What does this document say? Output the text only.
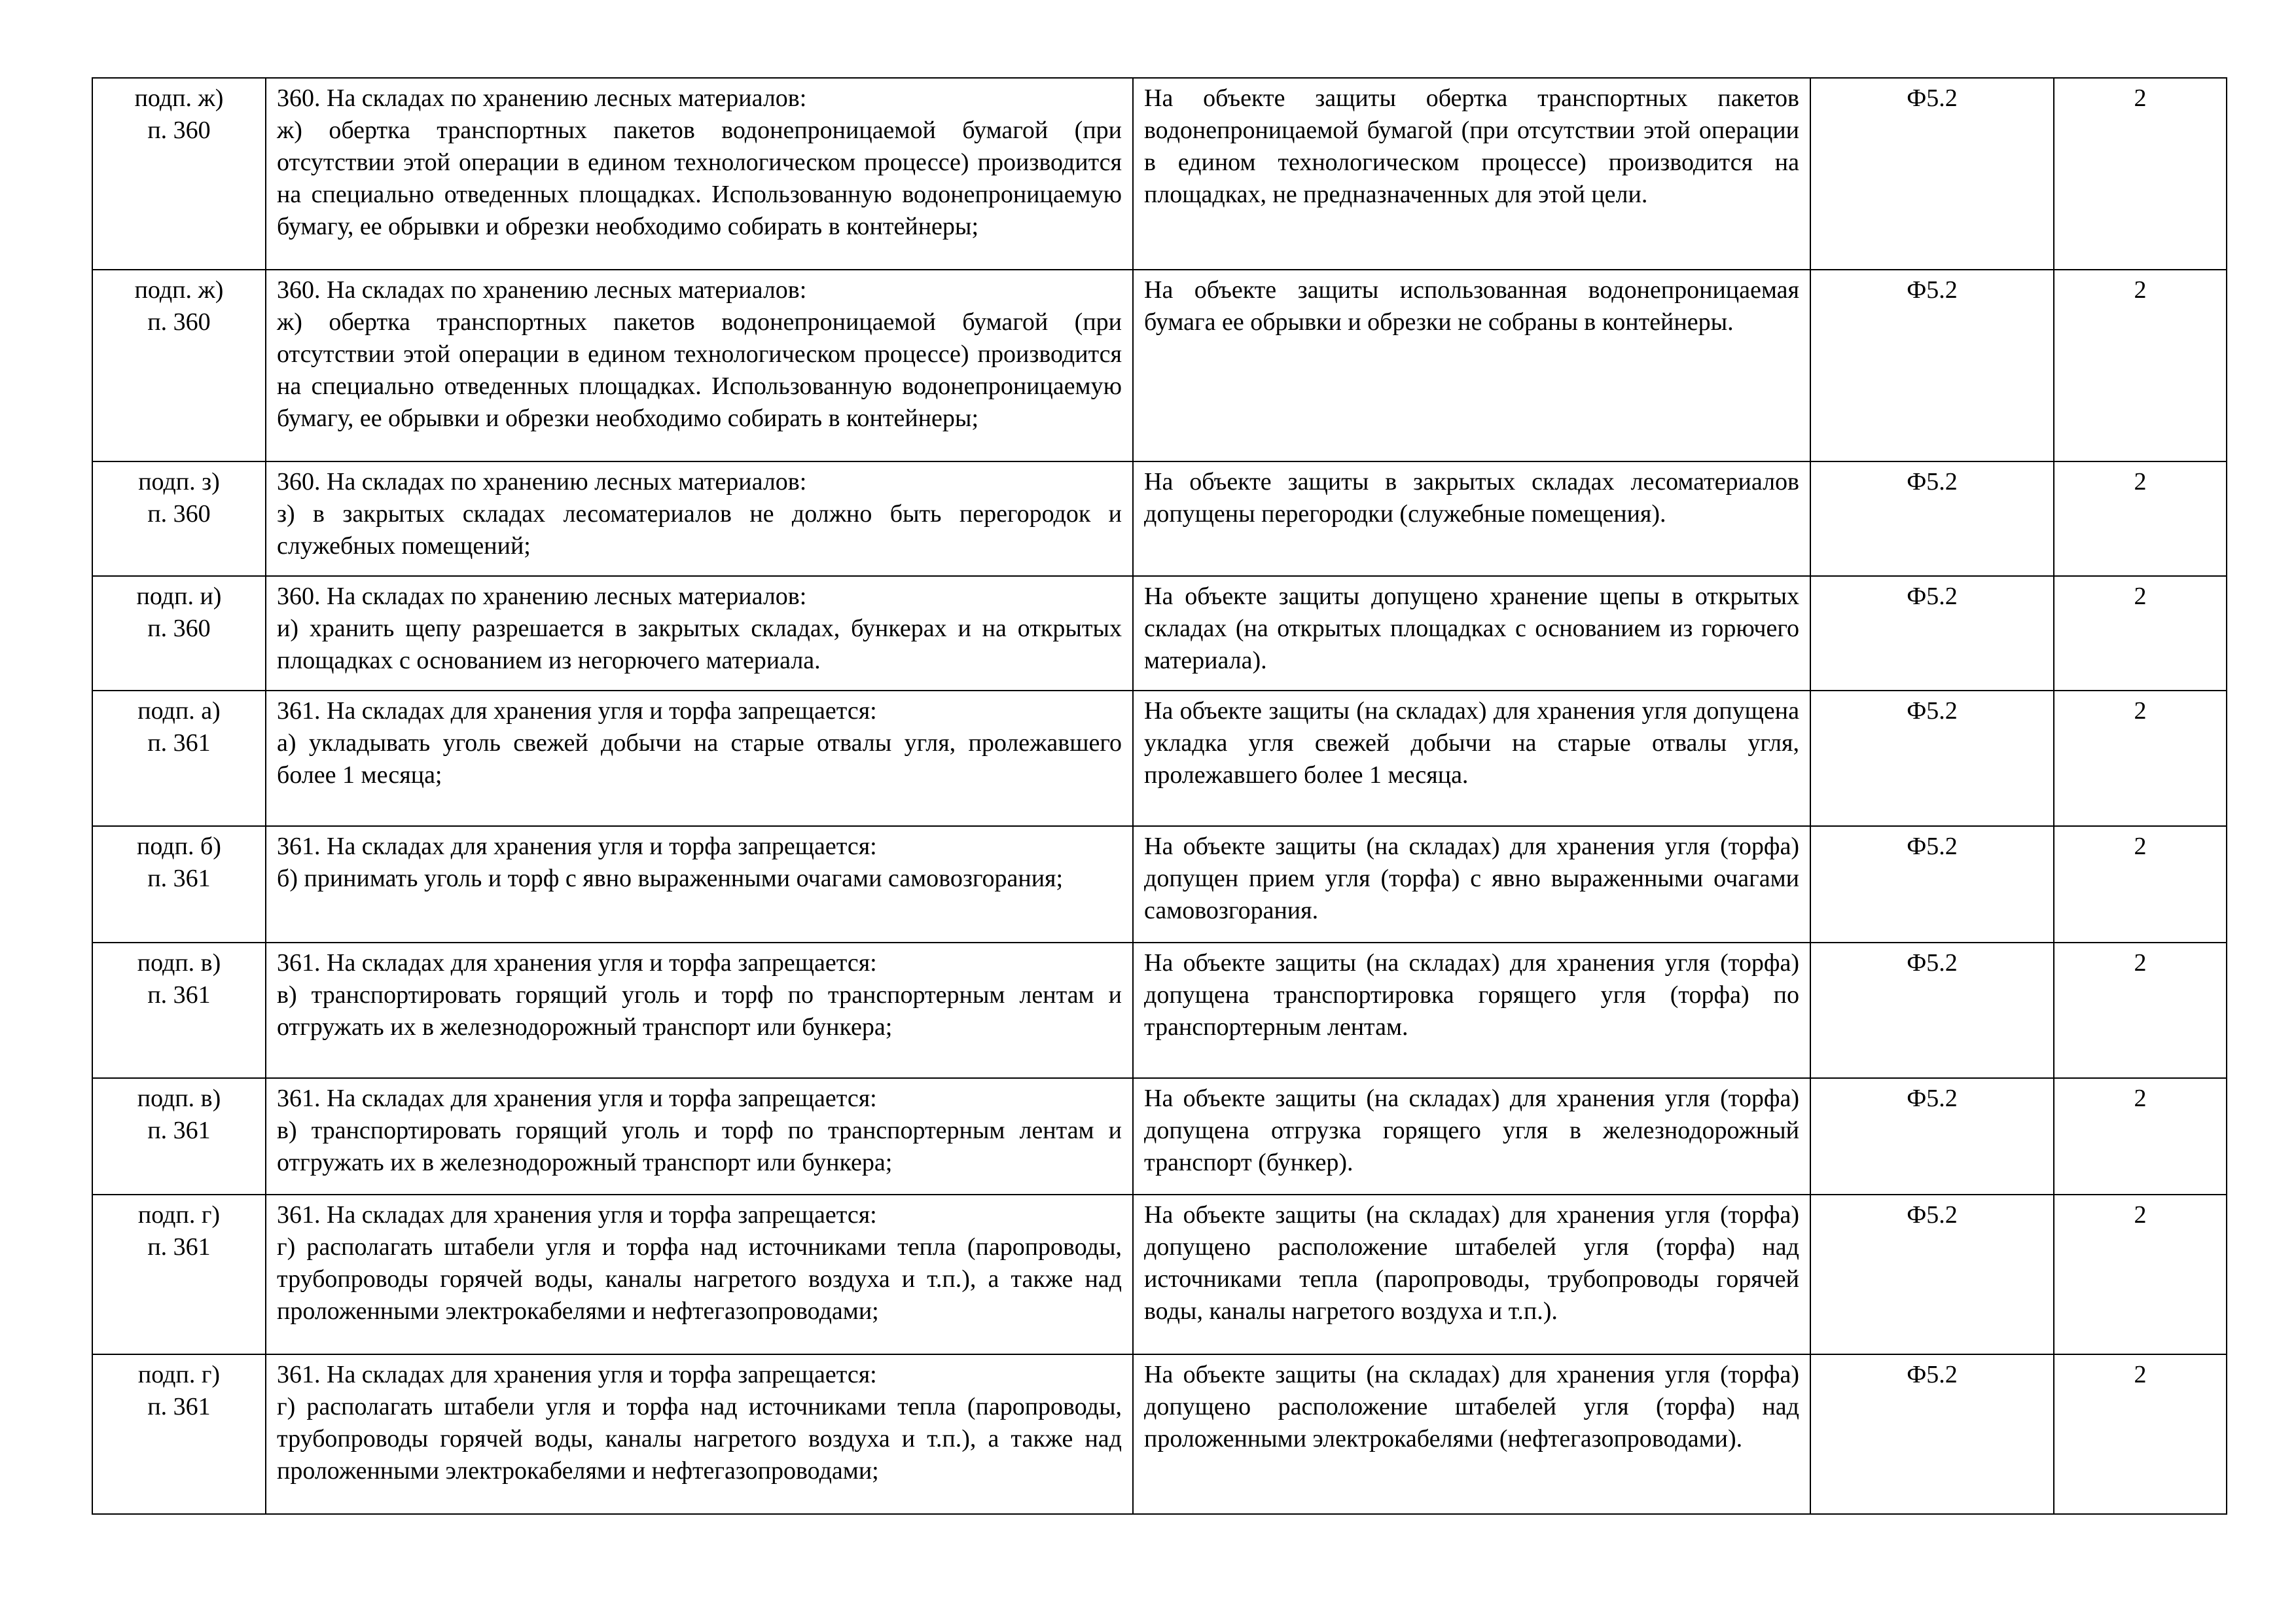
подп. ж)
п. 360	360. На складах по хранению лесных материалов:
ж) обертка транспортных пакетов водонепроницаемой бумагой (при отсутствии этой операции в едином технологическом процессе) производится на специально отведенных площадках. Использованную водонепроницаемую бумагу, ее обрывки и обрезки необходимо собирать в контейнеры;	На объекте защиты обертка транспортных пакетов водонепроницаемой бумагой (при отсутствии этой операции в едином технологическом процессе) производится на площадках, не предназначенных для этой цели.	Ф5.2	2

подп. ж)
п. 360	360. На складах по хранению лесных материалов:
ж) обертка транспортных пакетов водонепроницаемой бумагой (при отсутствии этой операции в едином технологическом процессе) производится на специально отведенных площадках. Использованную водонепроницаемую бумагу, ее обрывки и обрезки необходимо собирать в контейнеры;	На объекте защиты использованная водонепроницаемая бумага ее обрывки и обрезки не собраны в контейнеры.	Ф5.2	2

подп. з)
п. 360	360. На складах по хранению лесных материалов:
з) в закрытых складах лесоматериалов не должно быть перегородок и служебных помещений;	На объекте защиты в закрытых складах лесоматериалов допущены перегородки (служебные помещения).	Ф5.2	2

подп. и)
п. 360	360. На складах по хранению лесных материалов:
и) хранить щепу разрешается в закрытых складах, бункерах и на открытых площадках с основанием из негорючего материала.	На объекте защиты допущено хранение щепы в открытых складах (на открытых площадках с основанием из горючего материала).	Ф5.2	2

подп. а)
п. 361	361. На складах для хранения угля и торфа запрещается:
а) укладывать уголь свежей добычи на старые отвалы угля, пролежавшего более 1 месяца;	На объекте защиты (на складах) для хранения угля допущена укладка угля свежей добычи на старые отвалы угля, пролежавшего более 1 месяца.	Ф5.2	2

подп. б)
п. 361	361. На складах для хранения угля и торфа запрещается:
б) принимать уголь и торф с явно выраженными очагами самовозгорания;	На объекте защиты (на складах) для хранения угля (торфа) допущен прием угля (торфа) с явно выраженными очагами самовозгорания.	Ф5.2	2

подп. в)
п. 361	361. На складах для хранения угля и торфа запрещается:
в) транспортировать горящий уголь и торф по транспортерным лентам и отгружать их в железнодорожный транспорт или бункера;	На объекте защиты (на складах) для хранения угля (торфа) допущена транспортировка горящего угля (торфа) по транспортерным лентам.	Ф5.2	2

подп. в)
п. 361	361. На складах для хранения угля и торфа запрещается:
в) транспортировать горящий уголь и торф по транспортерным лентам и отгружать их в железнодорожный транспорт или бункера;	На объекте защиты (на складах) для хранения угля (торфа) допущена отгрузка горящего угля в железнодорожный транспорт (бункер).	Ф5.2	2

подп. г)
п. 361	361. На складах для хранения угля и торфа запрещается:
г) располагать штабели угля и торфа над источниками тепла (паропроводы, трубопроводы горячей воды, каналы нагретого воздуха и т.п.), а также над проложенными электрокабелями и нефтегазопроводами;	На объекте защиты (на складах) для хранения угля (торфа) допущено расположение штабелей угля (торфа) над источниками тепла (паропроводы, трубопроводы горячей воды, каналы нагретого воздуха и т.п.).	Ф5.2	2

подп. г)
п. 361	361. На складах для хранения угля и торфа запрещается:
г) располагать штабели угля и торфа над источниками тепла (паропроводы, трубопроводы горячей воды, каналы нагретого воздуха и т.п.), а также над проложенными электрокабелями и нефтегазопроводами;	На объекте защиты (на складах) для хранения угля (торфа) допущено расположение штабелей угля (торфа) над проложенными электрокабелями (нефтегазопроводами).	Ф5.2	2
